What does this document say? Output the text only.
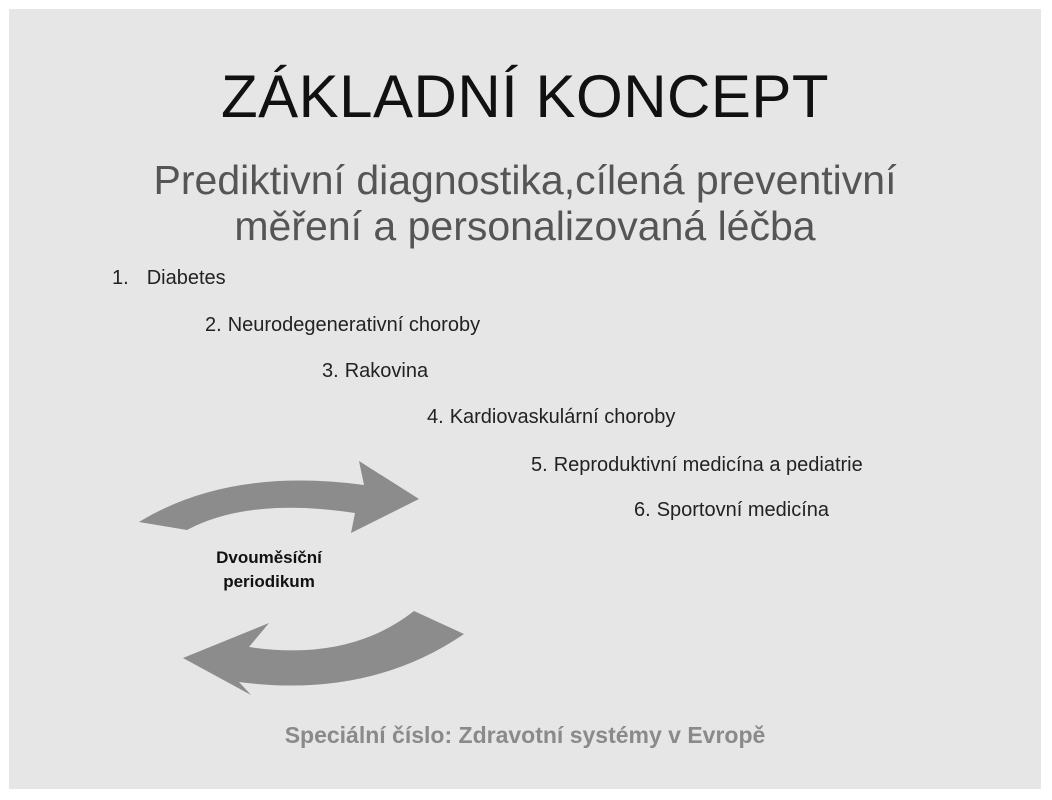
ZÁKLADNÍ KONCEPT
Prediktivní diagnostika,cílená preventivní
měření a personalizovaná léčba
1. Diabetes
2. Neurodegenerativní choroby
3. Rakovina
4. Kardiovaskulární choroby
5. Reproduktivní medicína a pediatrie
6. Sportovní medicína
Dvouměsíční
periodikum
Speciální číslo: Zdravotní systémy v Evropě
